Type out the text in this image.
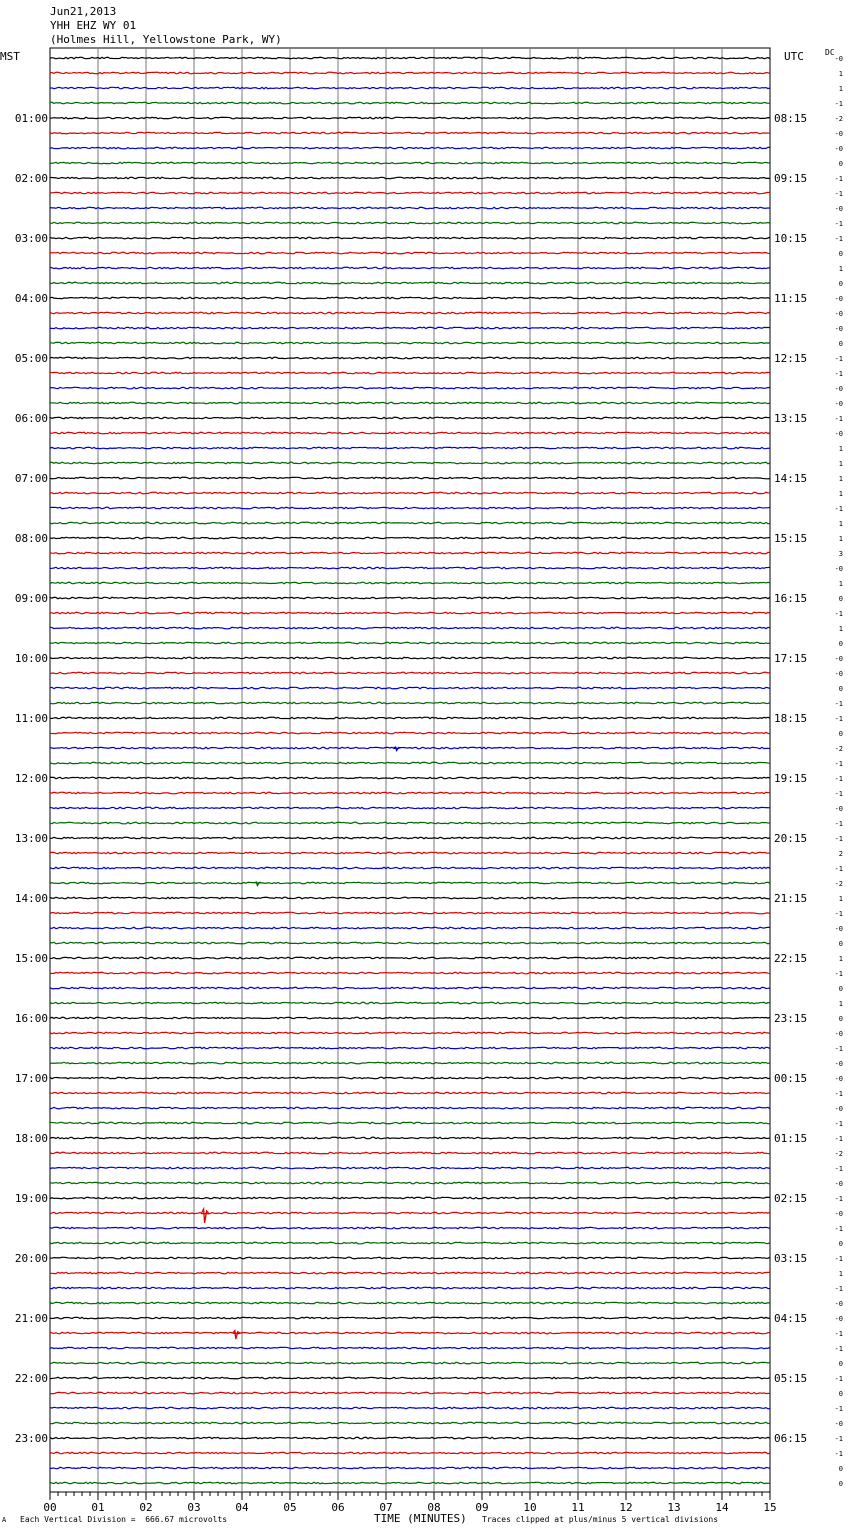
Jun21,2013
YHH EHZ WY 01
(Holmes Hill, Yellowstone Park, WY)
MST	UTC	DC
01:00
02:00
03:00
04:00
05:00
06:00
07:00
08:00
09:00
10:00
11:00
12:00
13:00
14:00
15:00
16:00
17:00
18:00
19:00
20:00
21:00
22:00
23:00
08:15
09:15
10:15
11:15
12:15
13:15
14:15
15:15
16:15
17:15
18:15
19:15
20:15
21:15
22:15
23:15
00:15
01:15
02:15
03:15
04:15
05:15
06:15
-0
1
1
-1
-2
-0
-0
0
-1
-1
-0
-1
-1
0
1
0
-0
-0
-0
0
-1
-1
-0
-0
-1
-0
1
1
1
1
-1
1
1
3
-0
1
0
-1
1
0
-0
-0
0
-1
-1
0
-2
-1
-1
-1
-0
-1
-1
2
-1
-2
1
-1
-0
0
1
-1
0
1
0
-0
-1
-0
-0
-1
-0
-1
-1
-2
-1
-0
-1
-0
-1
0
-1
1
-1
-0
-0
-1
-1
0
-1
0
-1
-0
-1
-1
0
0
00	01	02	03	04	05	06	07	08	09	10	11	12	13	14	15
A Each Vertical Division =  666.67 microvolts	TIME (MINUTES) Traces clipped at plus/minus 5 vertical divisions
